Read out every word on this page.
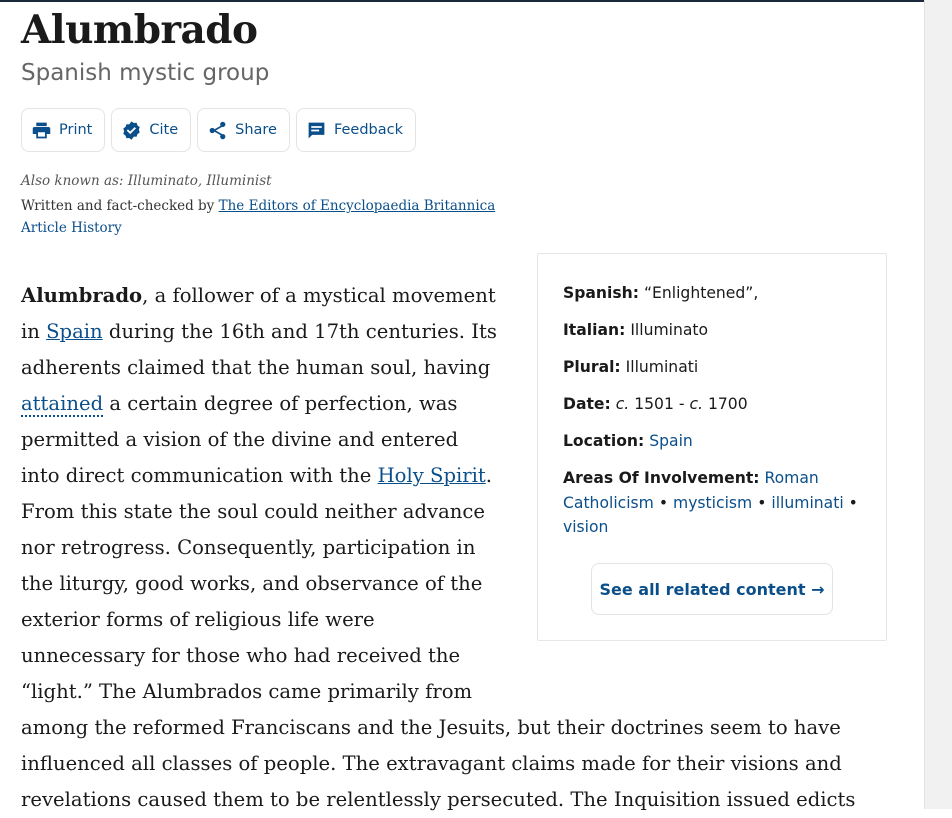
Alumbrado
Spanish mystic group
Print	Cite	Share	Feedback
Also known as: Illuminato, Illuminist
Written and fact-checked by The Editors of Encyclopaedia Britannica
Article History
Spanish: “Enlightened”,
Italian: Illuminato
Plural: Illuminati
Date: c. 1501 - c. 1700
Location: Spain
Areas Of Involvement: Roman Catholicism • mysticism • illuminati • vision
See all related content →

Alumbrado, a follower of a mystical movement in Spain during the 16th and 17th centuries. Its adherents claimed that the human soul, having attained a certain degree of perfection, was permitted a vision of the divine and entered into direct communication with the Holy Spirit. From this state the soul could neither advance nor retrogress. Consequently, participation in the liturgy, good works, and observance of the exterior forms of religious life were unnecessary for those who had received the “light.” The Alumbrados came primarily from among the reformed Franciscans and the Jesuits, but their doctrines seem to have influenced all classes of people. The extravagant claims made for their visions and revelations caused them to be relentlessly persecuted. The Inquisition issued edicts
